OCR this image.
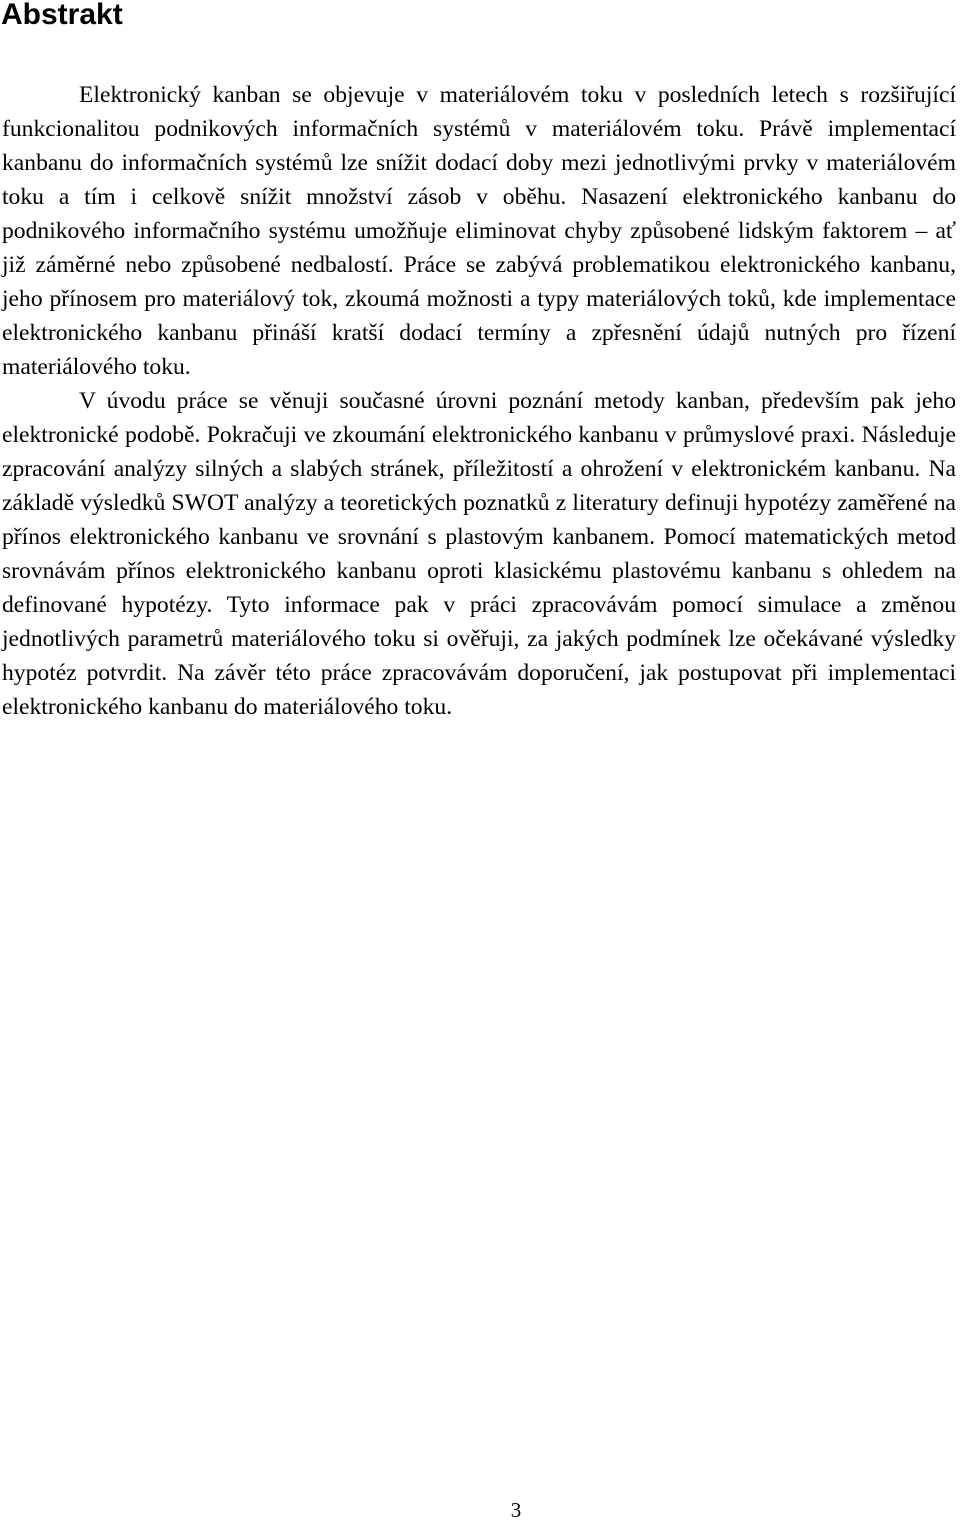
Abstrakt

Elektronický kanban se objevuje v materiálovém toku v posledních letech s rozšiřující funkcionalitou podnikových informačních systémů v materiálovém toku. Právě implementací kanbanu do informačních systémů lze snížit dodací doby mezi jednotlivými prvky v materiálovém toku a tím i celkově snížit množství zásob v oběhu. Nasazení elektronického kanbanu do podnikového informačního systému umožňuje eliminovat chyby způsobené lidským faktorem – ať již záměrné nebo způsobené nedbalostí. Práce se zabývá problematikou elektronického kanbanu, jeho přínosem pro materiálový tok, zkoumá možnosti a typy materiálových toků, kde implementace elektronického kanbanu přináší kratší dodací termíny a zpřesnění údajů nutných pro řízení materiálového toku.

V úvodu práce se věnuji současné úrovni poznání metody kanban, především pak jeho elektronické podobě. Pokračuji ve zkoumání elektronického kanbanu v průmyslové praxi. Následuje zpracování analýzy silných a slabých stránek, příležitostí a ohrožení v elektronickém kanbanu. Na základě výsledků SWOT analýzy a teoretických poznatků z literatury definuji hypotézy zaměřené na přínos elektronického kanbanu ve srovnání s plastovým kanbanem. Pomocí matematických metod srovnávám přínos elektronického kanbanu oproti klasickému plastovému kanbanu s ohledem na definované hypotézy. Tyto informace pak v práci zpracovávám pomocí simulace a změnou jednotlivých parametrů materiálového toku si ověřuji, za jakých podmínek lze očekávané výsledky hypotéz potvrdit. Na závěr této práce zpracovávám doporučení, jak postupovat při implementaci elektronického kanbanu do materiálového toku.

3
